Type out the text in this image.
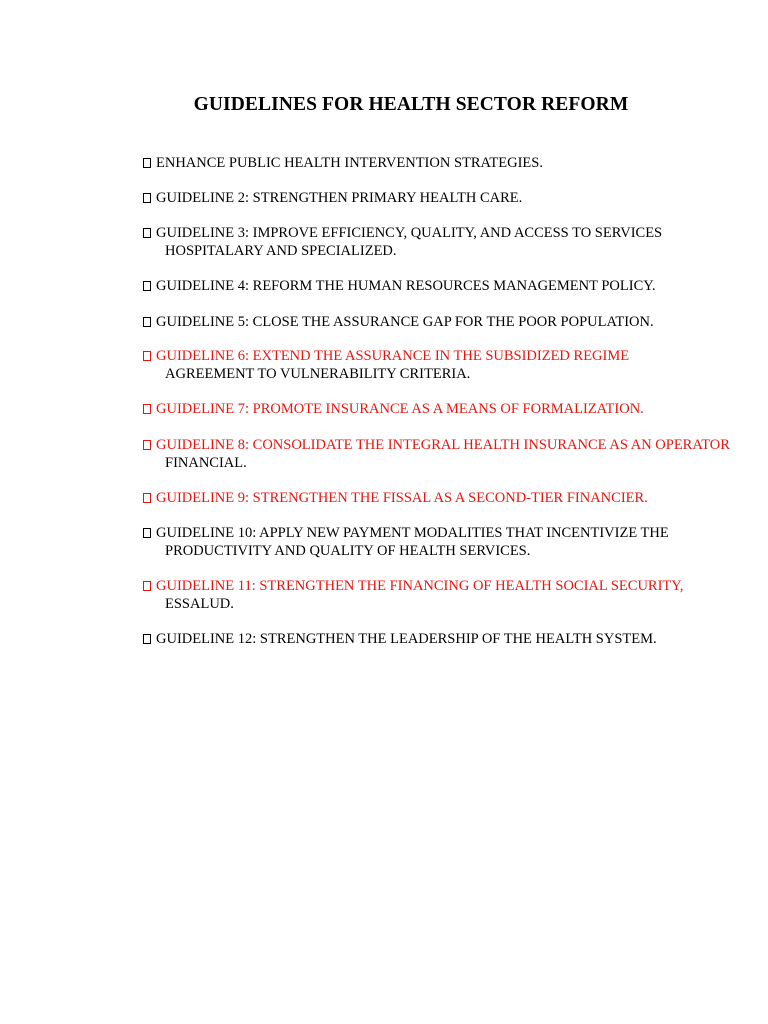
GUIDELINES FOR HEALTH SECTOR REFORM
ENHANCE PUBLIC HEALTH INTERVENTION STRATEGIES.
GUIDELINE 2: STRENGTHEN PRIMARY HEALTH CARE.
GUIDELINE 3: IMPROVE EFFICIENCY, QUALITY, AND ACCESS TO SERVICES
HOSPITALARY AND SPECIALIZED.
GUIDELINE 4: REFORM THE HUMAN RESOURCES MANAGEMENT POLICY.
GUIDELINE 5: CLOSE THE ASSURANCE GAP FOR THE POOR POPULATION.
GUIDELINE 6: EXTEND THE ASSURANCE IN THE SUBSIDIZED REGIME
AGREEMENT TO VULNERABILITY CRITERIA.
GUIDELINE 7: PROMOTE INSURANCE AS A MEANS OF FORMALIZATION.
GUIDELINE 8: CONSOLIDATE THE INTEGRAL HEALTH INSURANCE AS AN OPERATOR
FINANCIAL.
GUIDELINE 9: STRENGTHEN THE FISSAL AS A SECOND-TIER FINANCIER.
GUIDELINE 10: APPLY NEW PAYMENT MODALITIES THAT INCENTIVIZE THE
PRODUCTIVITY AND QUALITY OF HEALTH SERVICES.
GUIDELINE 11: STRENGTHEN THE FINANCING OF HEALTH SOCIAL SECURITY,
ESSALUD.
GUIDELINE 12: STRENGTHEN THE LEADERSHIP OF THE HEALTH SYSTEM.
